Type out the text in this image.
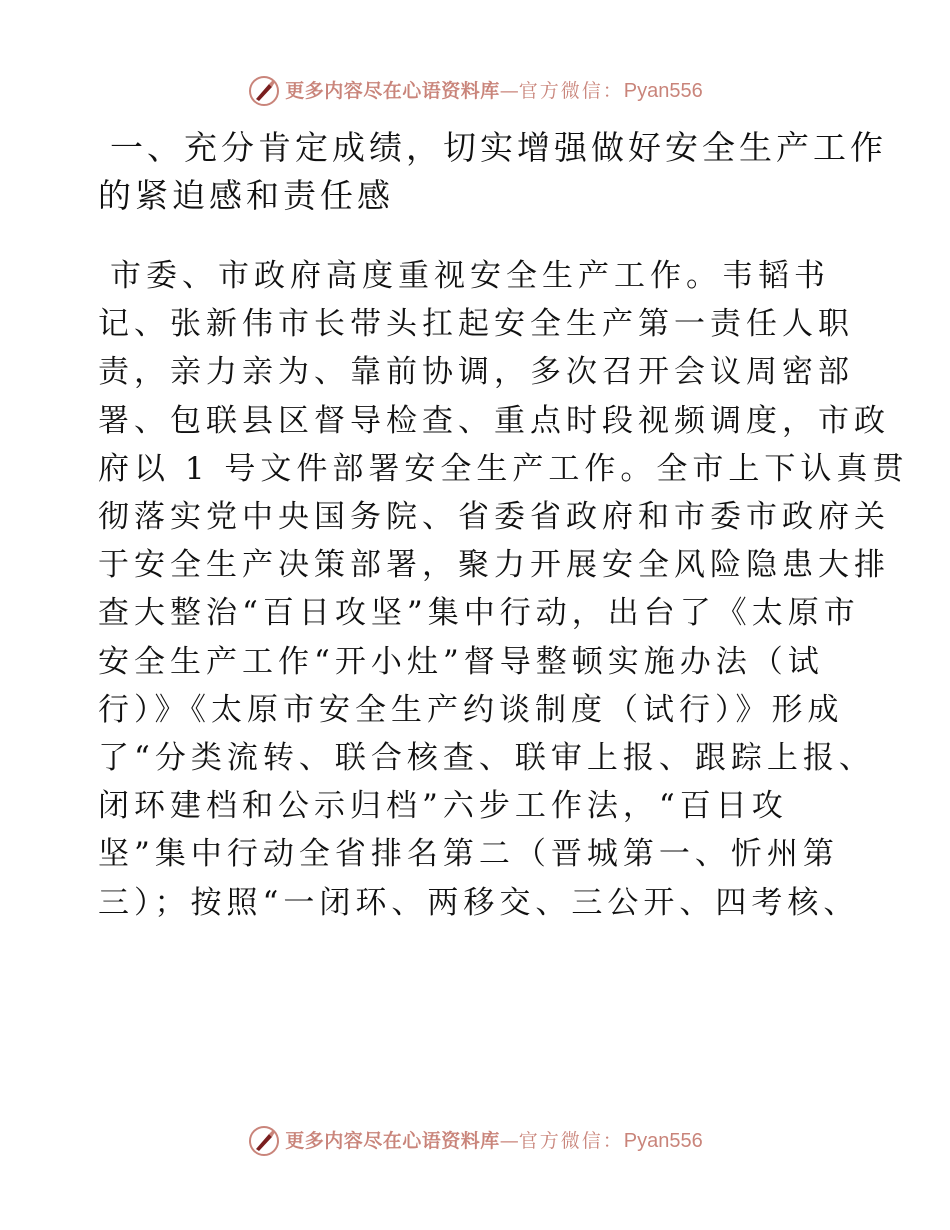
更多内容尽在心语资料库 — 官方微信： Pyan556
一、充分肯定成绩，切实增强做好安全生产工作
的紧迫感和责任感

市委、市政府高度重视安全生产工作。韦韬书
记、张新伟市长带头扛起安全生产第一责任人职
责，亲力亲为、靠前协调，多次召开会议周密部
署、包联县区督导检查、重点时段视频调度，市政
府以 1 号文件部署安全生产工作。全市上下认真贯
彻落实党中央国务院、省委省政府和市委市政府关
于安全生产决策部署，聚力开展安全风险隐患大排
查大整治“百日攻坚”集中行动，出台了《太原市
安全生产工作“开小灶”督导整顿实施办法（试
行）》《太原市安全生产约谈制度（试行）》形成
了“分类流转、联合核查、联审上报、跟踪上报、
闭环建档和公示归档”六步工作法，“百日攻
坚”集中行动全省排名第二（晋城第一、忻州第
三）；按照“一闭环、两移交、三公开、四考核、

更多内容尽在心语资料库 — 官方微信： Pyan556
